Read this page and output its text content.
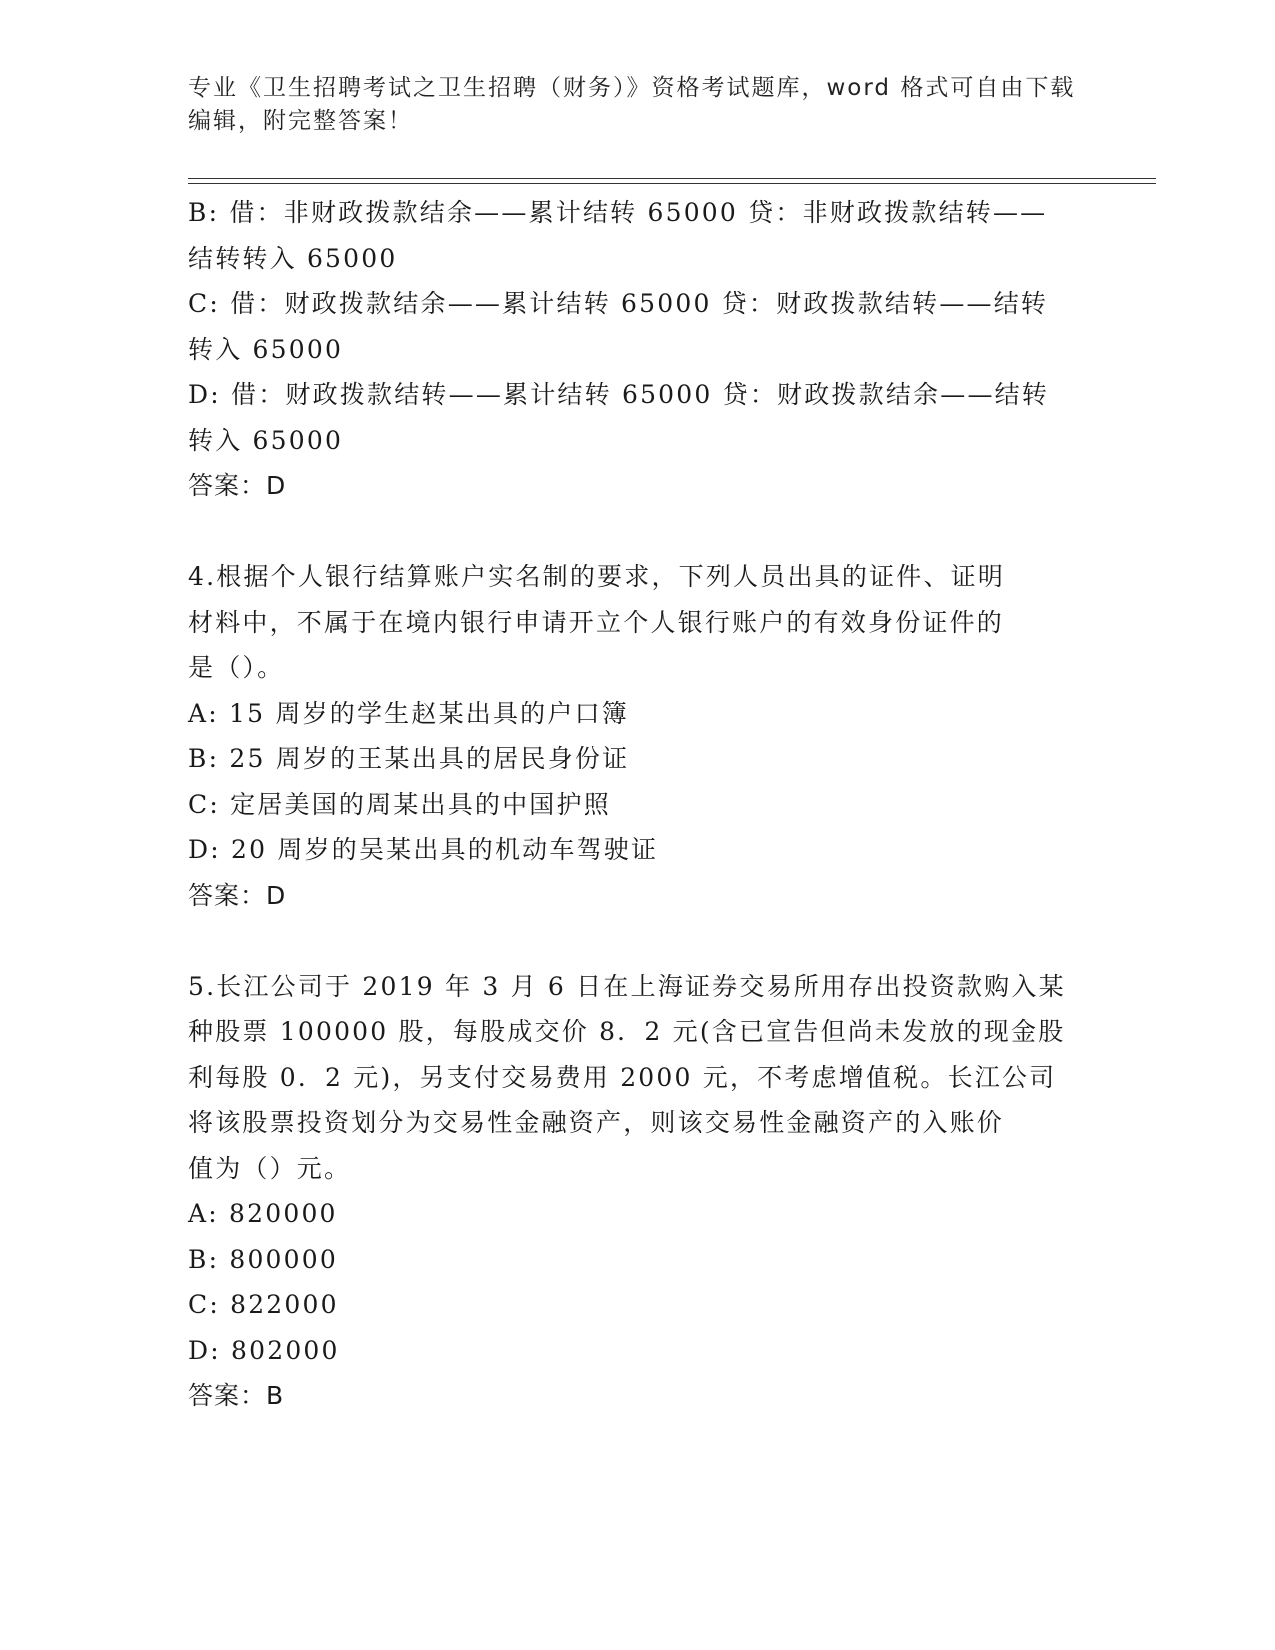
专业《卫生招聘考试之卫生招聘（财务）》资格考试题库，word 格式可自由下载
编辑，附完整答案！
B: 借：非财政拨款结余——累计结转 65000 贷：非财政拨款结转——
结转转入 65000
C: 借：财政拨款结余——累计结转 65000 贷：财政拨款结转——结转
转入 65000
D: 借：财政拨款结转——累计结转 65000 贷：财政拨款结余——结转
转入 65000
答案：D
4.根据个人银行结算账户实名制的要求，下列人员出具的证件、证明
材料中，不属于在境内银行申请开立个人银行账户的有效身份证件的
是（）。
A: 15 周岁的学生赵某出具的户口簿
B: 25 周岁的王某出具的居民身份证
C: 定居美国的周某出具的中国护照
D: 20 周岁的吴某出具的机动车驾驶证
答案：D
5.长江公司于 2019 年 3 月 6 日在上海证券交易所用存出投资款购入某
种股票 100000 股，每股成交价 8．2 元(含已宣告但尚未发放的现金股
利每股 0．2 元)，另支付交易费用 2000 元，不考虑增值税。长江公司
将该股票投资划分为交易性金融资产，则该交易性金融资产的入账价
值为（）元。
A: 820000
B: 800000
C: 822000
D: 802000
答案：B
